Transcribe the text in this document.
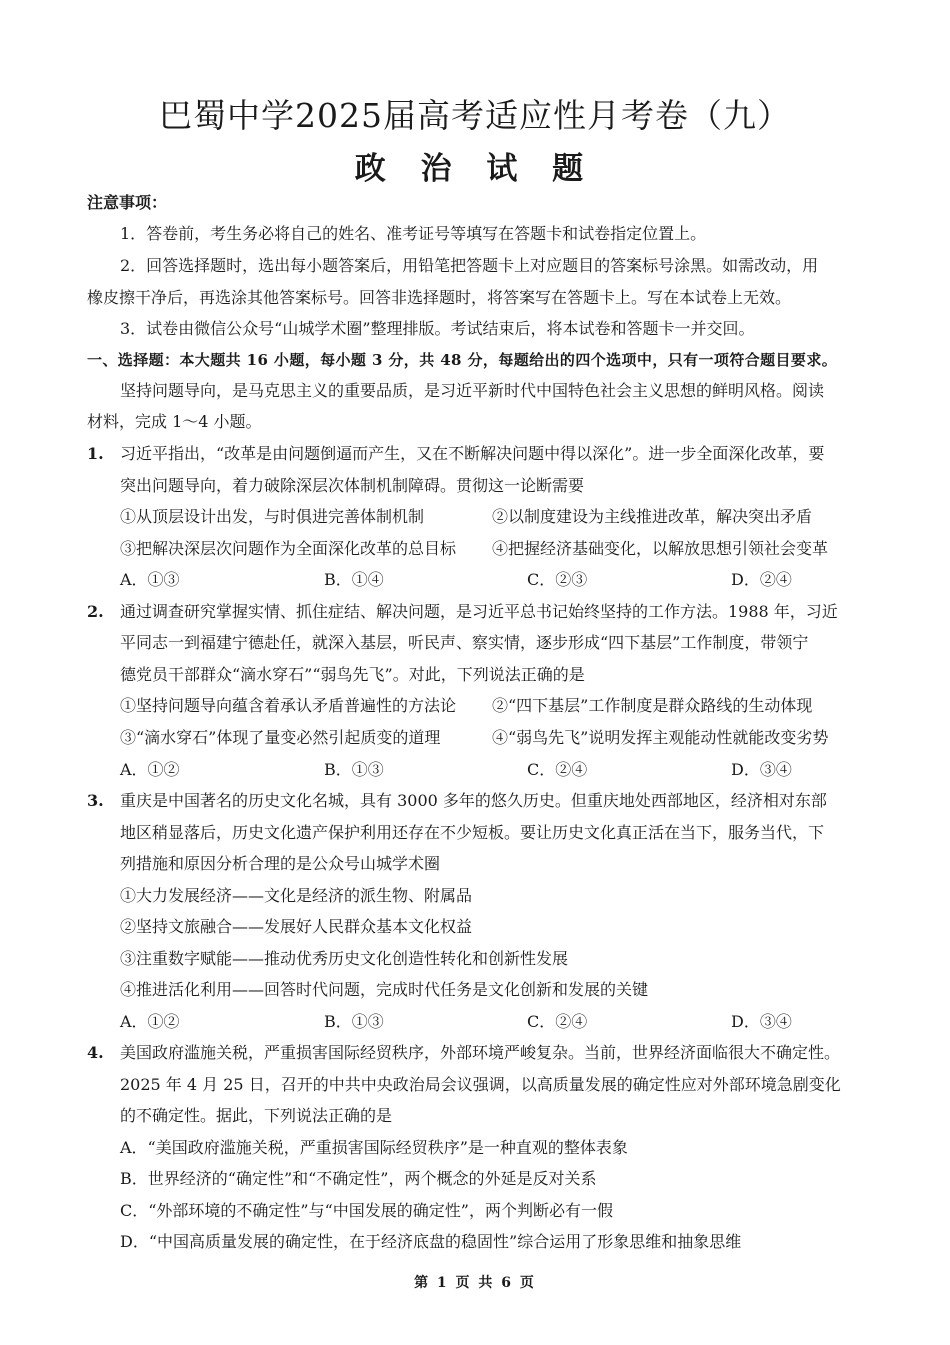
巴蜀中学2025届高考适应性月考卷（九）
政 治 试 题
注意事项：
1．答卷前，考生务必将自己的姓名、准考证号等填写在答题卡和试卷指定位置上。
2．回答选择题时，选出每小题答案后，用铅笔把答题卡上对应题目的答案标号涂黑。如需改动，用
橡皮擦干净后，再选涂其他答案标号。回答非选择题时，将答案写在答题卡上。写在本试卷上无效。
3．试卷由微信公众号“山城学术圈”整理排版。考试结束后，将本试卷和答题卡一并交回。
一、选择题：本大题共 16 小题，每小题 3 分，共 48 分，每题给出的四个选项中，只有一项符合题目要求。
坚持问题导向，是马克思主义的重要品质，是习近平新时代中国特色社会主义思想的鲜明风格。阅读
材料，完成 1～4 小题。
1. 习近平指出，“改革是由问题倒逼而产生，又在不断解决问题中得以深化”。进一步全面深化改革，要
突出问题导向，着力破除深层次体制机制障碍。贯彻这一论断需要
①从顶层设计出发，与时俱进完善体制机制	②以制度建设为主线推进改革，解决突出矛盾
③把解决深层次问题作为全面深化改革的总目标 ④把握经济基础变化，以解放思想引领社会变革
A．①③	B．①④	C．②③	D．②④
2. 通过调查研究掌握实情、抓住症结、解决问题，是习近平总书记始终坚持的工作方法。1988 年，习近
平同志一到福建宁德赴任，就深入基层，听民声、察实情，逐步形成“四下基层”工作制度，带领宁
德党员干部群众“滴水穿石”“弱鸟先飞”。对此，下列说法正确的是
①坚持问题导向蕴含着承认矛盾普遍性的方法论 ②“四下基层”工作制度是群众路线的生动体现
③“滴水穿石”体现了量变必然引起质变的道理	④“弱鸟先飞”说明发挥主观能动性就能改变劣势
A．①②	B．①③	C．②④	D．③④
3. 重庆是中国著名的历史文化名城，具有 3000 多年的悠久历史。但重庆地处西部地区，经济相对东部
地区稍显落后，历史文化遗产保护利用还存在不少短板。要让历史文化真正活在当下，服务当代，下
列措施和原因分析合理的是公众号山城学术圈
①大力发展经济——文化是经济的派生物、附属品
②坚持文旅融合——发展好人民群众基本文化权益
③注重数字赋能——推动优秀历史文化创造性转化和创新性发展
④推进活化利用——回答时代问题，完成时代任务是文化创新和发展的关键
A．①②	B．①③	C．②④	D．③④
4. 美国政府滥施关税，严重损害国际经贸秩序，外部环境严峻复杂。当前，世界经济面临很大不确定性。
2025 年 4 月 25 日，召开的中共中央政治局会议强调，以高质量发展的确定性应对外部环境急剧变化
的不确定性。据此，下列说法正确的是
A．“美国政府滥施关税，严重损害国际经贸秩序”是一种直观的整体表象
B．世界经济的“确定性”和“不确定性”，两个概念的外延是反对关系
C．“外部环境的不确定性”与“中国发展的确定性”，两个判断必有一假
D．“中国高质量发展的确定性，在于经济底盘的稳固性”综合运用了形象思维和抽象思维
第 1 页 共 6 页
